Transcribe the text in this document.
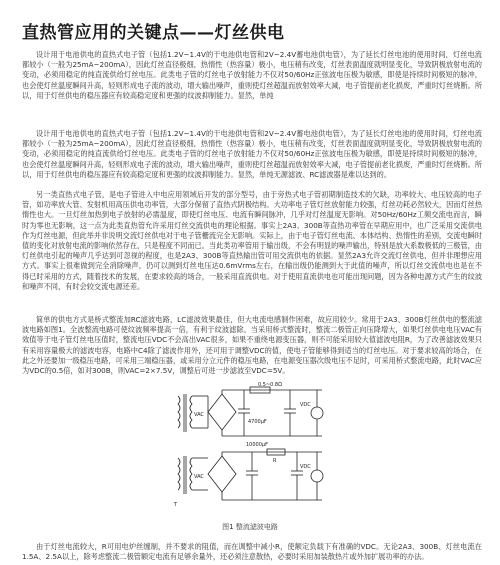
直热管应用的关键点——灯丝供电

设计用于电池供电的直热式电子管（包括1.2V~1.4V的干电池供电管和2V~2.4V蓄电池供电管），为了延长灯丝电池的使用时间，灯丝电流都较小（一般为25mA~200mA），因此灯丝直径极细，热惰性（热容量）极小，电压稍有改变，灯丝表面温度就明显变化，导致阴极放射电流的变动，必须用稳定的纯直流供给灯丝电压。此类电子管的灯丝电子放射能力不仅对50/60Hz正弦波电压极为敏感，即使是持续时间极短的脉冲，也会使灯丝温度瞬间升高，轻则形成电子流的波动，增大输出噪声，重则使灯丝超温而放射效率大减，电子管提前老化损废，严重时灯丝烧断。所以，用于灯丝供电的稳压器应有较高稳定度和更强的纹波抑制能力。显然，单纯

设计用于电池供电的直热式电子管（包括1.2V~1.4V的干电池供电管和2V~2.4V蓄电池供电管），为了延长灯丝电池的使用时间，灯丝电流都较小（一般为25mA~200mA），因此灯丝直径极细，热惰性（热容量）极小，电压稍有改变，灯丝表面温度就明显变化，导致阴极放射电流的变动，必须用稳定的纯直流供给灯丝电压。此类电子管的灯丝电子放射能力不仅对50/60Hz正弦波电压极为敏感，即使是持续时间极短的脉冲，也会使灯丝温度瞬间升高，轻则形成电子流的波动，增大输出噪声，重则使灯丝超温而放射效率大减，电子管提前老化损废，严重时灯丝烧断。所以，用于灯丝供电的稳压器应有较高稳定度和更强的纹波抑制能力。显然，单纯无源滤波、RC滤波器是难以达到的。

另一类直热式电子管，是电子管进入中电应用领域后开发的部分型号，由于旁热式电子管初期制造技术的欠缺，功率较大、电压较高的电子管，如功率放大管、发射机用高压供电功率管，大部分保留了直热式阴极结构。大功率电子管灯丝放射能力较强，灯丝功耗必然较大，因而灯丝热惰性也大。一旦灯丝加热到电子放射的必需温度，即使灯丝电压、电流有瞬间脉冲，几乎对灯丝温度无影响。对50Hz/60Hz工频交流电而言，瞬时为零也无影响，这一点为此类直热管允许采用灯丝交流供电的理论根据。事实上2A3、300B等直热功率管在早期应用中，也广泛采用交流供电作为灯丝电源，但此举并非说明交流灯丝供电对于电子管栅流完全无影响。实际上，由于电子管灯丝电流、本体结构、热惰性的差别，交流电瞬时值的变化对放射电流的影响依然存在，只是程度不同而已。当此类功率管用于输出级，不会有明显的噪声输出，特别是放大系数极低的三极管，由灯丝供电引起的噪声几乎达到可忽视的程度，也是2A3、300B等直热输出管可用交流供电的依据。显然2A3允许交流灯丝供电，但并非理想应用方式。事实上很难做到完全消除噪声，仍可以测到灯丝电压达0.6mVrms左右，在输出级仍能测到大于此值的噪声，所以灯丝交流供电也是在不得已时采用的方式，随着技术的发展，在要求较高的场合，一般采用直流供电。对于使用直流供电也可能出现问题，因为各种电源方式产生的纹波和噪声不同，有时会较交流电源还差。

简单的供电方式是桥式整流加RC滤波电路，LC滤波效果最佳，但大电流电感制作困难，故应用较少。常用于2A3、300B灯丝供电的整流滤波电路如图1。全波整流电路可使纹波频率提高一倍，有利于纹波滤除。当采用桥式整流时，整流二极管正向压降增大，如果灯丝供电电压VAC有效值等于电子管灯丝电压值时，整流电压VDC不会高出VAC很多，如果不重绕电源变压器，则不可能采用较大值滤波电阻R，为了改善滤波效果只有采用容量极大的滤波电容，电路中C4除了滤波作用外，还可用于调整VDC的值，使电子管能够得到适当的灯丝电压。对于要求较高的场合，在此之外还要加一级稳压电路，可采用三端稳压器，或采用分立元件的稳压电路，在电源变压器次级电压不足时，可采用桥式整流电路，此时VAC应为VDC的0.5倍，如对300B，则VAC=2×7.5V，调整后可进一步滤波至VDC=5V。

0.5~0.8Ω
VAC
4700μF
VDC
10000μF
VAC
VDC
R
T
图1 整流滤波电路

由于灯丝电流较大，R可用电炉丝缠制，并不要求的阻值，而在调整中减小R，使额定负载下有准确的VDC。无论2A3、300B、灯丝电流在1.5A、2.5A以上，除考虑整流二极管额定电流有足够余量外，还必须注意散热，必要时采用加装散热片或外加扩展功率的办法。
